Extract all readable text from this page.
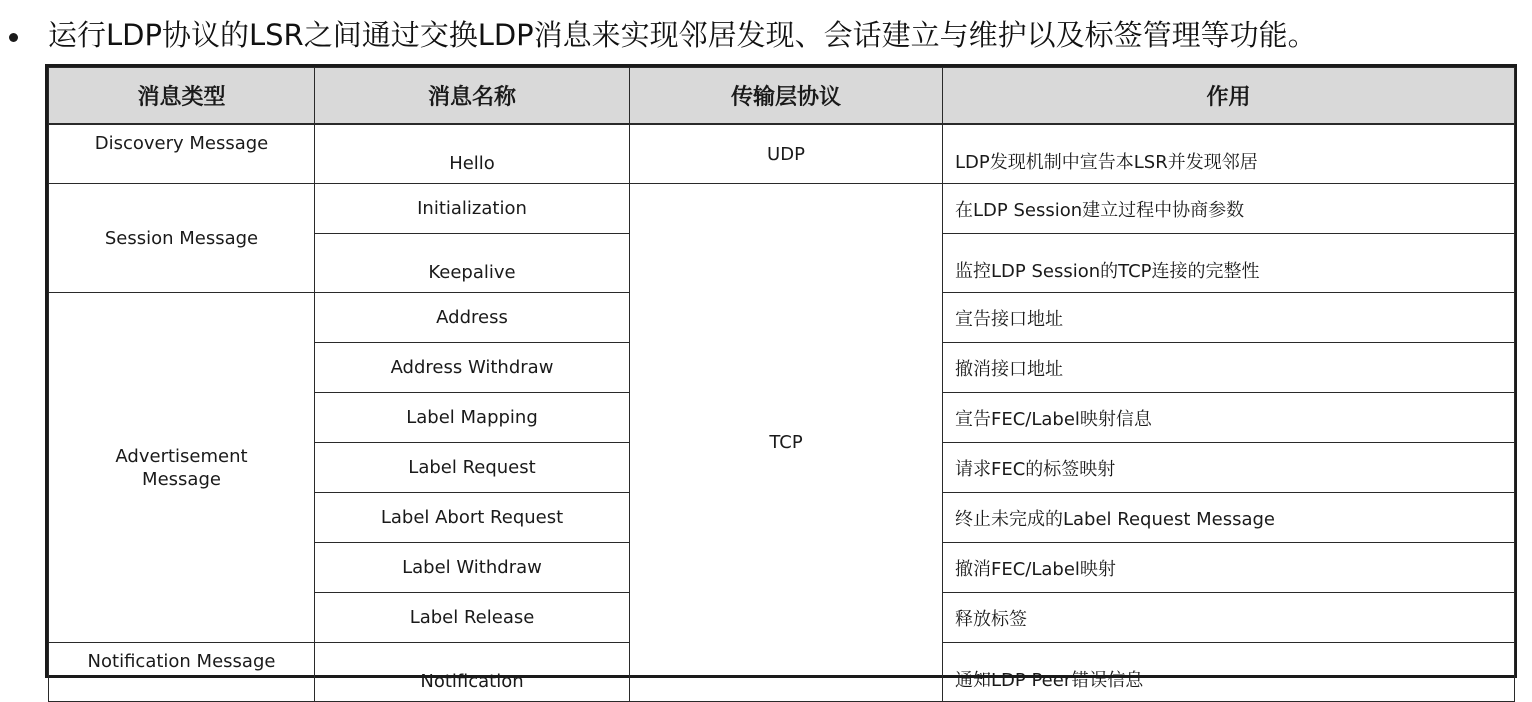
运行LDP协议的LSR之间通过交换LDP消息来实现邻居发现、会话建立与维护以及标签管理等功能。
消息类型	消息名称	传输层协议	作用
Discovery Message	Hello	UDP	LDP发现机制中宣告本LSR并发现邻居
Session Message	Initialization	TCP	在LDP Session建立过程中协商参数
	Keepalive		监控LDP Session的TCP连接的完整性
Advertisement Message	Address		宣告接口地址
	Address Withdraw		撤消接口地址
	Label Mapping		宣告FEC/Label映射信息
	Label Request		请求FEC的标签映射
	Label Abort Request		终止未完成的Label Request Message
	Label Withdraw		撤消FEC/Label映射
	Label Release		释放标签
Notification Message	Notification		通知LDP Peer错误信息
